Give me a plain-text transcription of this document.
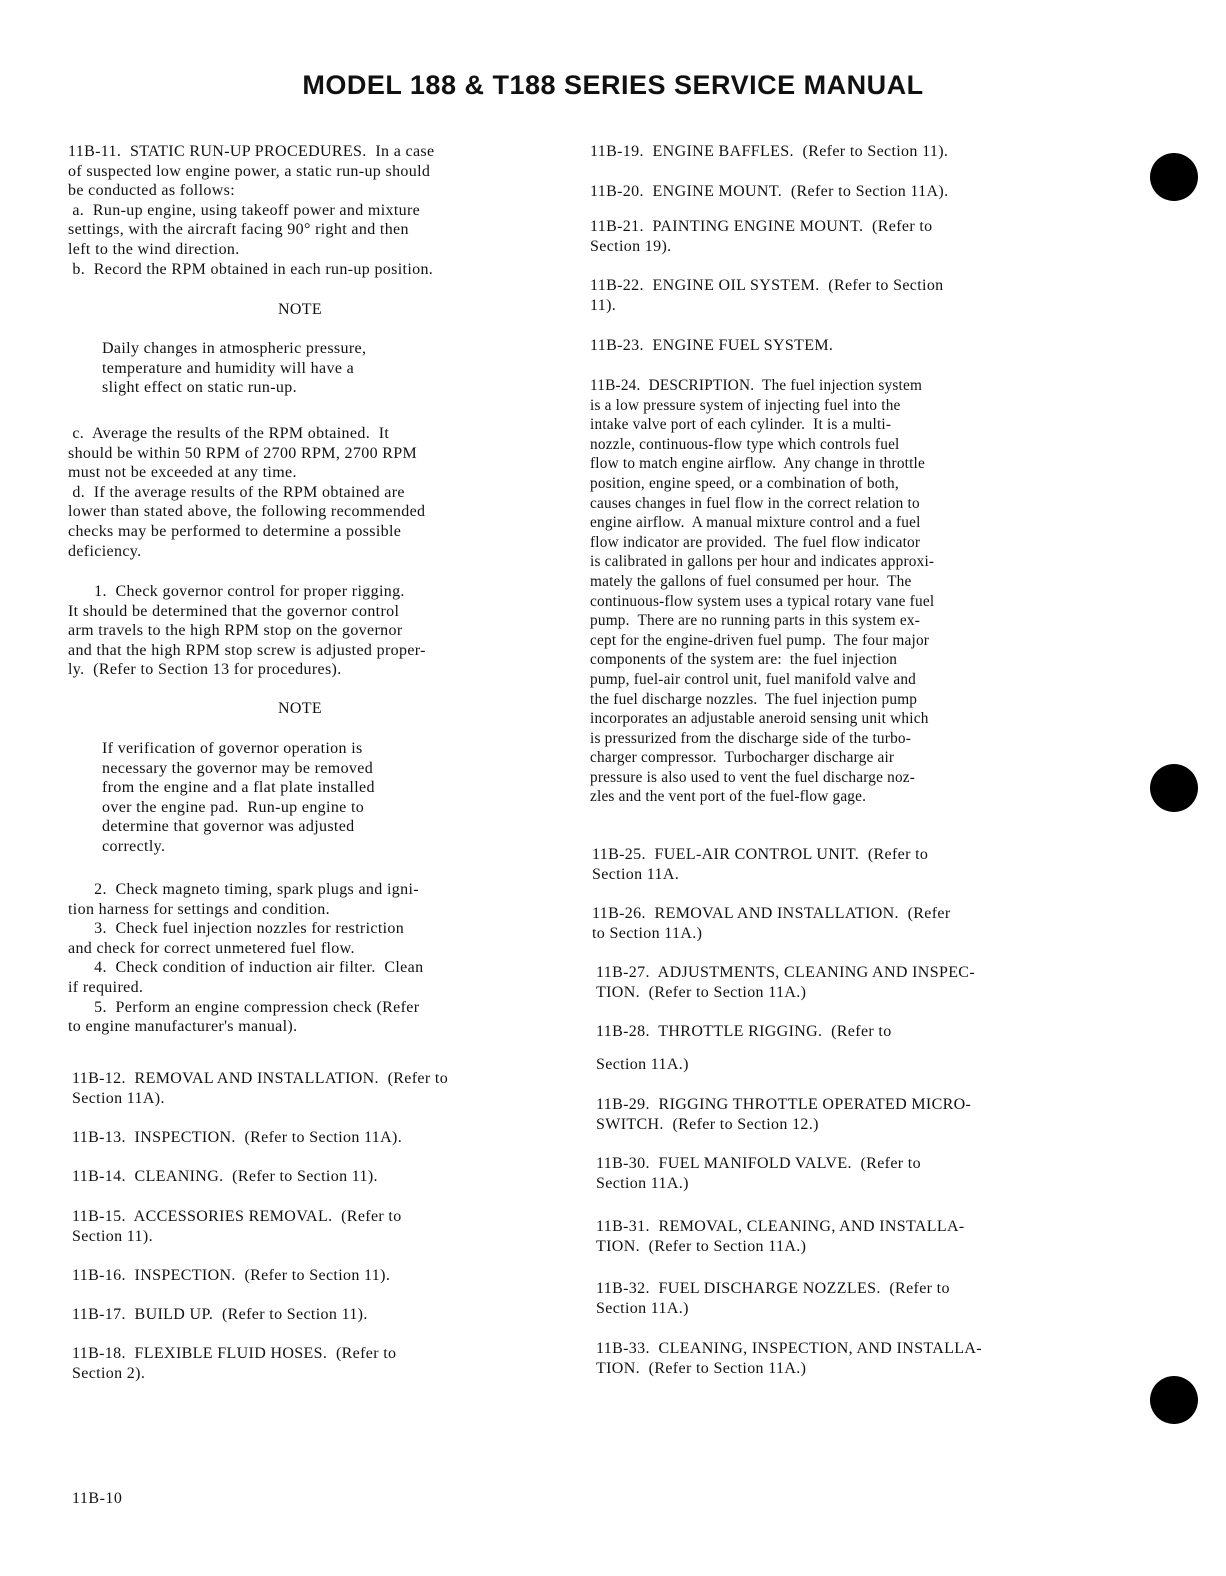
MODEL 188 & T188 SERIES SERVICE MANUAL
11B-11.  STATIC RUN-UP PROCEDURES.  In a case
of suspected low engine power, a static run-up should
be conducted as follows:
a.  Run-up engine, using takeoff power and mixture
settings, with the aircraft facing 90° right and then
left to the wind direction.
b.  Record the RPM obtained in each run-up position.
NOTE
Daily changes in atmospheric pressure,
temperature and humidity will have a
slight effect on static run-up.
c.  Average the results of the RPM obtained.  It
should be within 50 RPM of 2700 RPM, 2700 RPM
must not be exceeded at any time.
d.  If the average results of the RPM obtained are
lower than stated above, the following recommended
checks may be performed to determine a possible
deficiency.
1.  Check governor control for proper rigging.
It should be determined that the governor control
arm travels to the high RPM stop on the governor
and that the high RPM stop screw is adjusted proper-
ly.  (Refer to Section 13 for procedures).
NOTE
If verification of governor operation is
necessary the governor may be removed
from the engine and a flat plate installed
over the engine pad.  Run-up engine to
determine that governor was adjusted
correctly.
2.  Check magneto timing, spark plugs and igni-
tion harness for settings and condition.
3.  Check fuel injection nozzles for restriction
and check for correct unmetered fuel flow.
4.  Check condition of induction air filter.  Clean
if required.
5.  Perform an engine compression check (Refer
to engine manufacturer's manual).
11B-12.  REMOVAL AND INSTALLATION.  (Refer to
Section 11A).
11B-13.  INSPECTION.  (Refer to Section 11A).
11B-14.  CLEANING.  (Refer to Section 11).
11B-15.  ACCESSORIES REMOVAL.  (Refer to
Section 11).
11B-16.  INSPECTION.  (Refer to Section 11).
11B-17.  BUILD UP.  (Refer to Section 11).
11B-18.  FLEXIBLE FLUID HOSES.  (Refer to
Section 2).
11B-19.  ENGINE BAFFLES.  (Refer to Section 11).
11B-20.  ENGINE MOUNT.  (Refer to Section 11A).
11B-21.  PAINTING ENGINE MOUNT.  (Refer to
Section 19).
11B-22.  ENGINE OIL SYSTEM.  (Refer to Section
11).
11B-23.  ENGINE FUEL SYSTEM.
11B-24.  DESCRIPTION.  The fuel injection system
is a low pressure system of injecting fuel into the
intake valve port of each cylinder.  It is a multi-
nozzle, continuous-flow type which controls fuel
flow to match engine airflow.  Any change in throttle
position, engine speed, or a combination of both,
causes changes in fuel flow in the correct relation to
engine airflow.  A manual mixture control and a fuel
flow indicator are provided.  The fuel flow indicator
is calibrated in gallons per hour and indicates approxi-
mately the gallons of fuel consumed per hour.  The
continuous-flow system uses a typical rotary vane fuel
pump.  There are no running parts in this system ex-
cept for the engine-driven fuel pump.  The four major
components of the system are:  the fuel injection
pump, fuel-air control unit, fuel manifold valve and
the fuel discharge nozzles.  The fuel injection pump
incorporates an adjustable aneroid sensing unit which
is pressurized from the discharge side of the turbo-
charger compressor.  Turbocharger discharge air
pressure is also used to vent the fuel discharge noz-
zles and the vent port of the fuel-flow gage.
11B-25.  FUEL-AIR CONTROL UNIT.  (Refer to
Section 11A.
11B-26.  REMOVAL AND INSTALLATION.  (Refer
to Section 11A.)
11B-27.  ADJUSTMENTS, CLEANING AND INSPEC-
TION.  (Refer to Section 11A.)
11B-28.  THROTTLE RIGGING.  (Refer to
Section 11A.)
11B-29.  RIGGING THROTTLE OPERATED MICRO-
SWITCH.  (Refer to Section 12.)
11B-30.  FUEL MANIFOLD VALVE.  (Refer to
Section 11A.)
11B-31.  REMOVAL, CLEANING, AND INSTALLA-
TION.  (Refer to Section 11A.)
11B-32.  FUEL DISCHARGE NOZZLES.  (Refer to
Section 11A.)
11B-33.  CLEANING, INSPECTION, AND INSTALLA-
TION.  (Refer to Section 11A.)
11B-10
